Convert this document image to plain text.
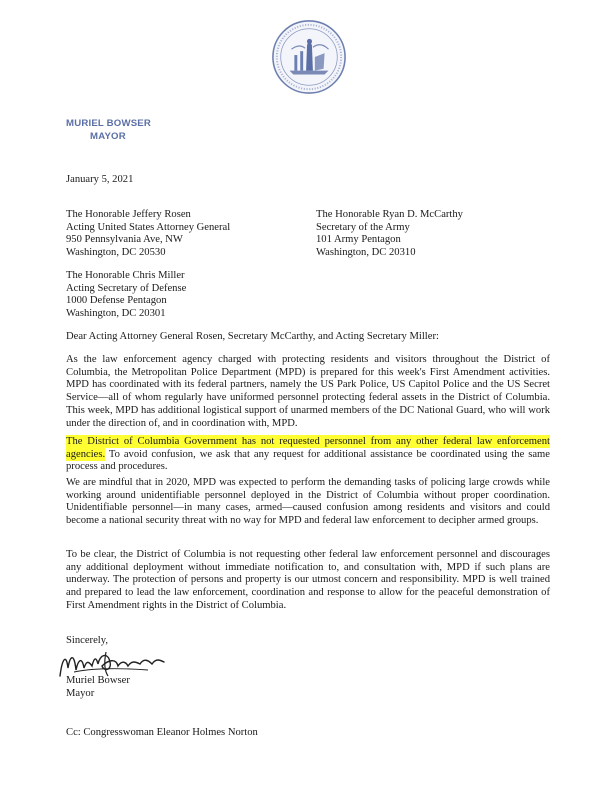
MURIEL BOWSER
MAYOR
January 5, 2021
The Honorable Jeffery Rosen
Acting United States Attorney General
950 Pennsylvania Ave, NW
Washington, DC 20530
The Honorable Ryan D. McCarthy
Secretary of the Army
101 Army Pentagon
Washington, DC 20310
The Honorable Chris Miller
Acting Secretary of Defense
1000 Defense Pentagon
Washington, DC 20301
Dear Acting Attorney General Rosen, Secretary McCarthy, and Acting Secretary Miller:
As the law enforcement agency charged with protecting residents and visitors throughout the District of Columbia, the Metropolitan Police Department (MPD) is prepared for this week's First Amendment activities. MPD has coordinated with its federal partners, namely the US Park Police, US Capitol Police and the US Secret Service—all of whom regularly have uniformed personnel protecting federal assets in the District of Columbia. This week, MPD has additional logistical support of unarmed members of the DC National Guard, who will work under the direction of, and in coordination with, MPD.
The District of Columbia Government has not requested personnel from any other federal law enforcement agencies. To avoid confusion, we ask that any request for additional assistance be coordinated using the same process and procedures.
We are mindful that in 2020, MPD was expected to perform the demanding tasks of policing large crowds while working around unidentifiable personnel deployed in the District of Columbia without proper coordination. Unidentifiable personnel—in many cases, armed—caused confusion among residents and visitors and could become a national security threat with no way for MPD and federal law enforcement to decipher armed groups.
To be clear, the District of Columbia is not requesting other federal law enforcement personnel and discourages any additional deployment without immediate notification to, and consultation with, MPD if such plans are underway. The protection of persons and property is our utmost concern and responsibility. MPD is well trained and prepared to lead the law enforcement, coordination and response to allow for the peaceful demonstration of First Amendment rights in the District of Columbia.
Sincerely,
Muriel Bowser
Mayor
Cc: Congresswoman Eleanor Holmes Norton
